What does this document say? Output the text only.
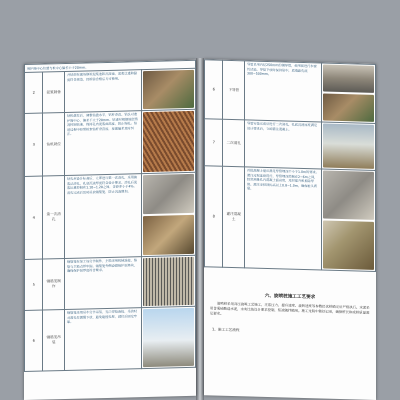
用护筒中心位置与桩中心偏差小于20mm。
2	泥浆制备	开钻前在现场修筑泥浆池和沉淀池，泥浆比重和黏度符合规范，经检验合格后方可使用。	

3	钻机就位	钻机就位后，调整钻盘水平，钻杆垂直。钻头对准护筒中心，偏差不大于20mm。钻进时根据地层情况控制钻速，保持孔内泥浆面高度，防止塌孔。钻进过程中经常检查钻杆垂直度，发现偏差及时纠正。	

4	第一次清孔	钻孔至设计标高后，立即进行第一次清孔，采用换浆法清孔，孔底沉渣厚度符合设计要求。清孔后泥浆比重控制在1.10~1.20之间，含砂率小于4%。清孔完成后及时吊放钢筋笼，防止沉渣增加。	

5	钢筋笼制作	钢筋笼在加工场分节制作，主筋采用机械连接，箍筋与主筋点焊牢固。钢筋笼外侧设置保护层垫块，确保保护层厚度符合要求。	

6	钢筋笼吊装	钢筋笼采用吊车分节吊装，孔口焊接连接，吊放时对准孔位缓慢下放，避免碰撞孔壁，就位后固定牢靠。	
6	下导管	导管采用内径250mm的钢导管，使用前进行水密性试验。导管下放时保持居中，底端距孔底300~500mm。	

7	二次清孔	导管安装完成后进行二次清孔，孔底沉渣厚度满足设计要求后，立即灌注混凝土。	

8	灌注混凝土	首批混凝土量应满足导管埋深不小于1.0m的要求。灌注过程连续进行，导管埋深控制在2~6m之间，经常测量孔内混凝土面高度，及时提升和拆除导管。灌注至桩顶标高以上0.8~1.0m，确保桩头质量。	
六、旋喷桩施工工艺要求
旋喷桩采用高压旋喷工艺施工，注浆压力、提升速度、旋转速度等参数经试桩确定后严格执行。水泥采用普通硅酸盐水泥，水灰比按设计要求控制，浆液随拌随用。施工过程中做好记录，确保桩长和成桩质量满足要求。
1、施工工艺流程
